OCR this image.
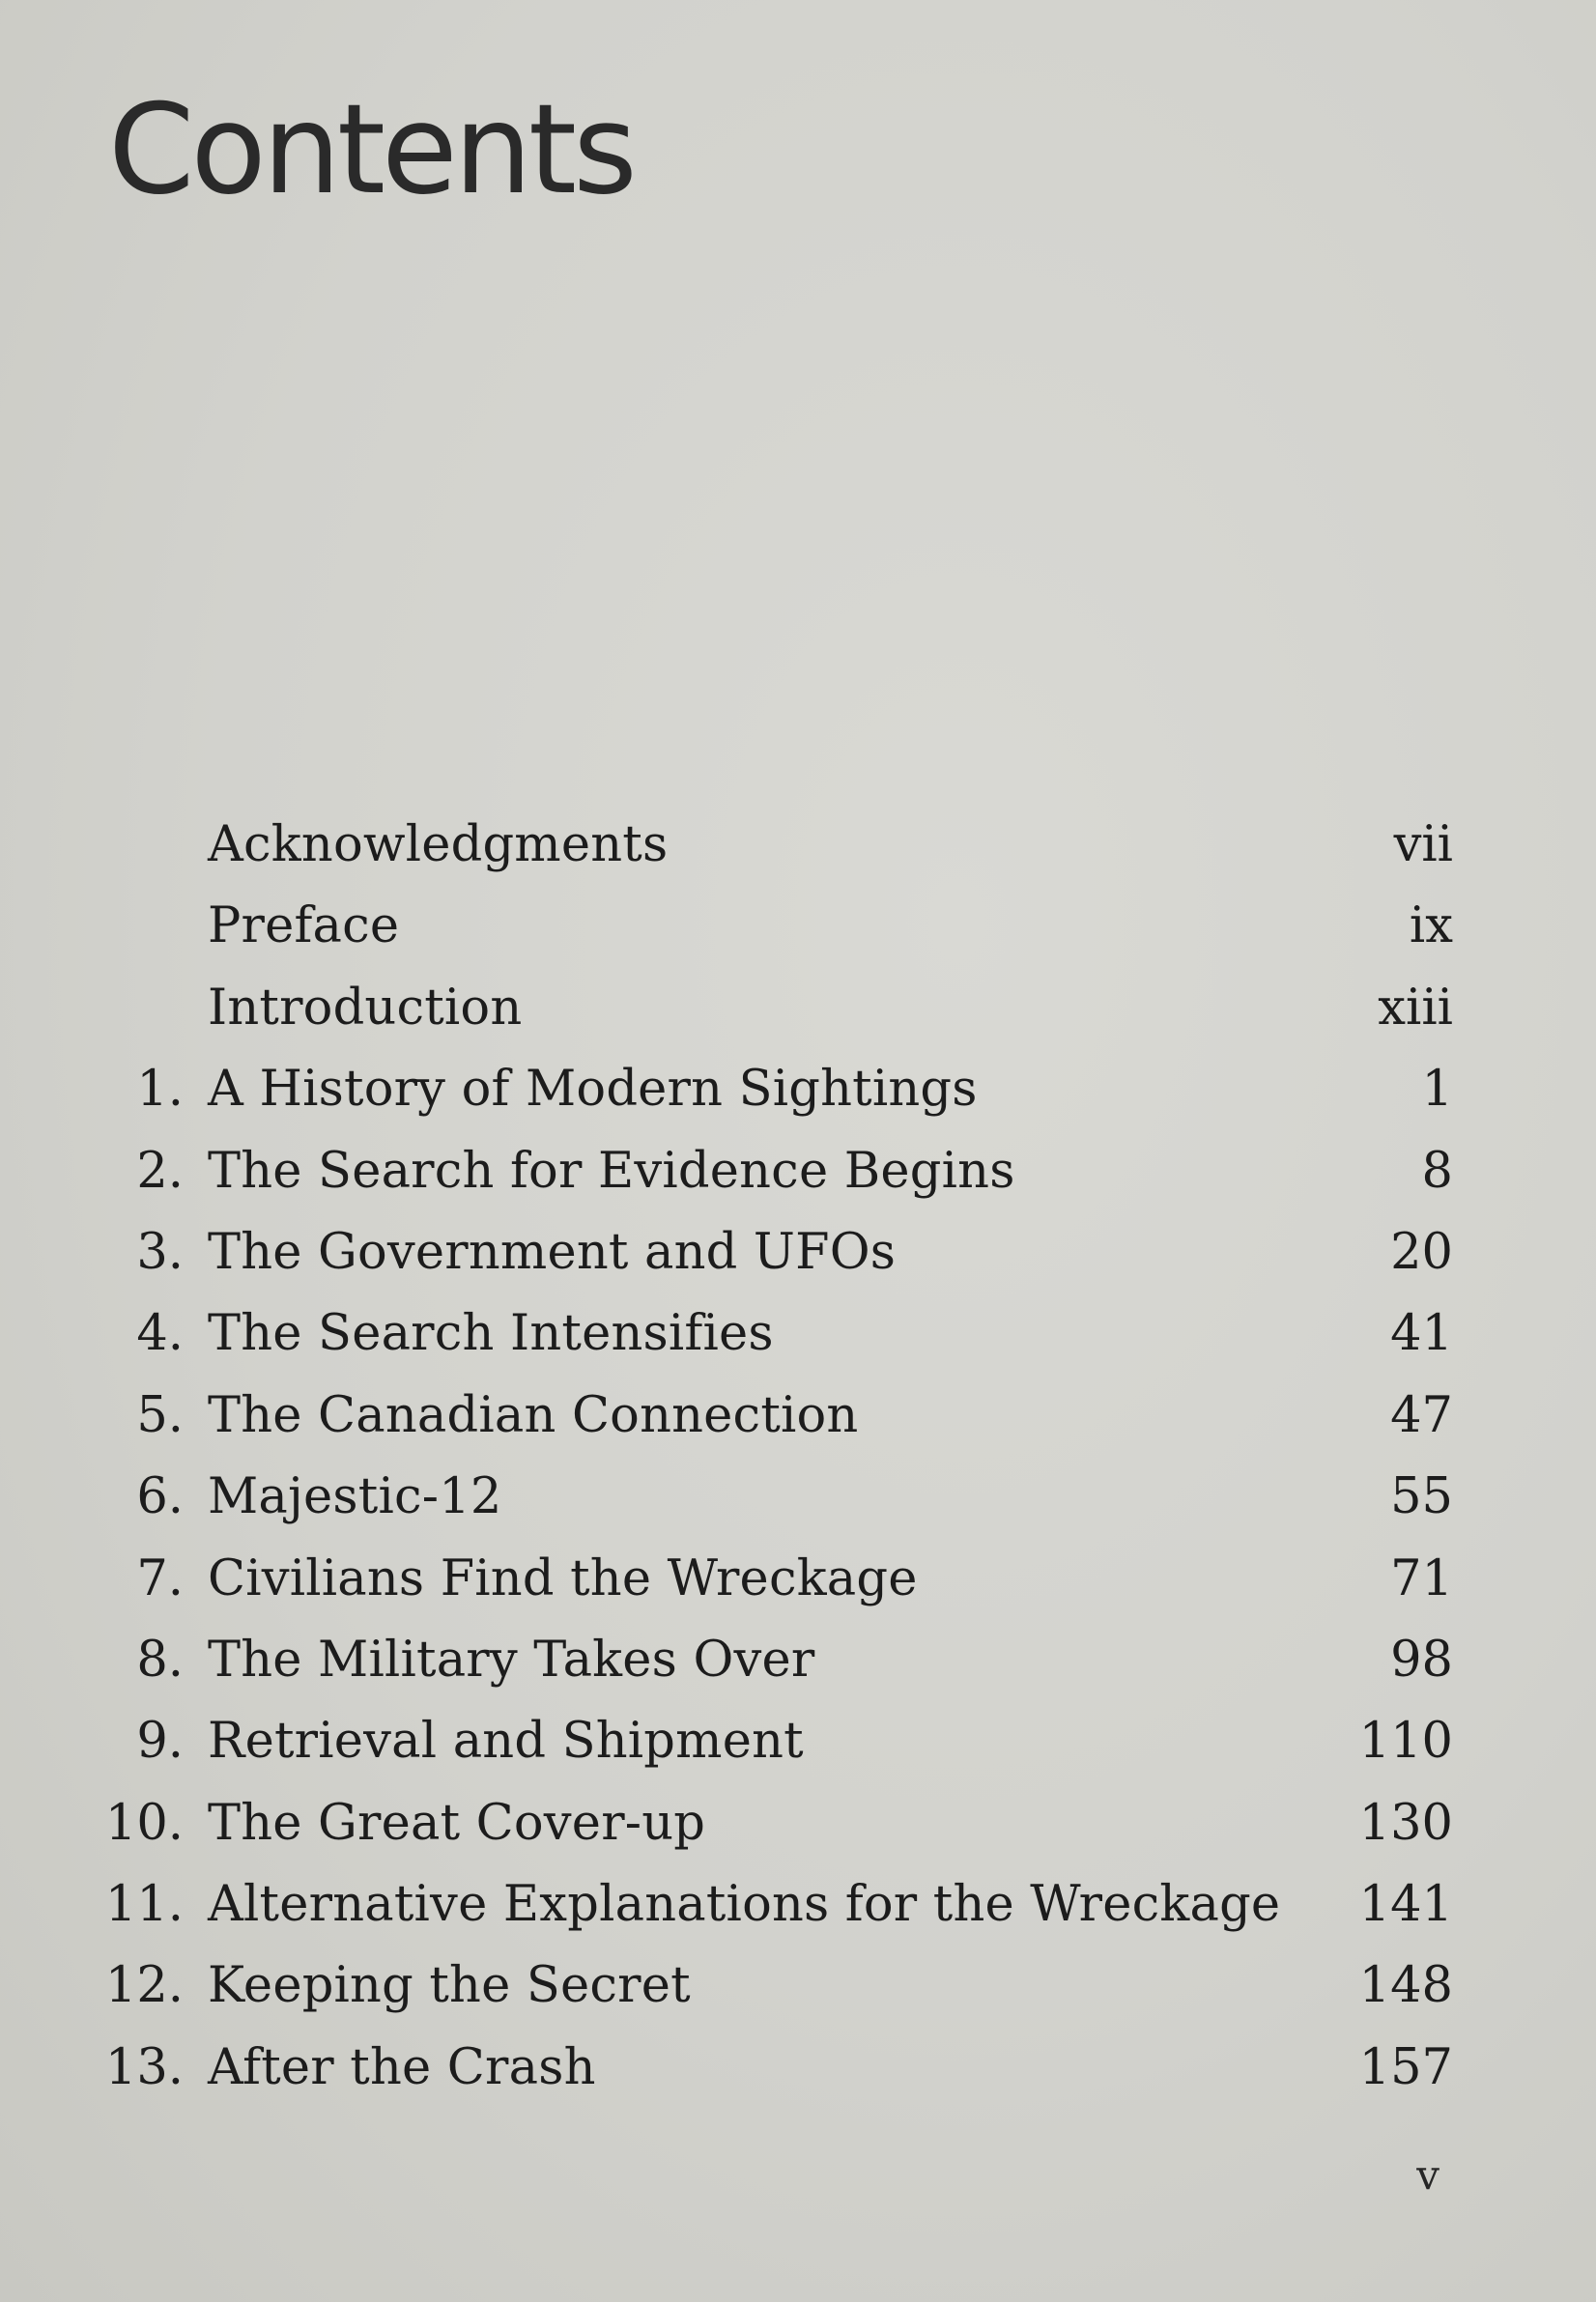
Contents
Acknowledgments	vii
Preface	ix
Introduction	xiii
1. A History of Modern Sightings	1
2. The Search for Evidence Begins	8
3. The Government and UFOs	20
4. The Search Intensifies	41
5. The Canadian Connection	47
6. Majestic-12	55
7. Civilians Find the Wreckage	71
8. The Military Takes Over	98
9. Retrieval and Shipment	110
10. The Great Cover-up	130
11. Alternative Explanations for the Wreckage 141
12. Keeping the Secret	148
13. After the Crash	157
v
